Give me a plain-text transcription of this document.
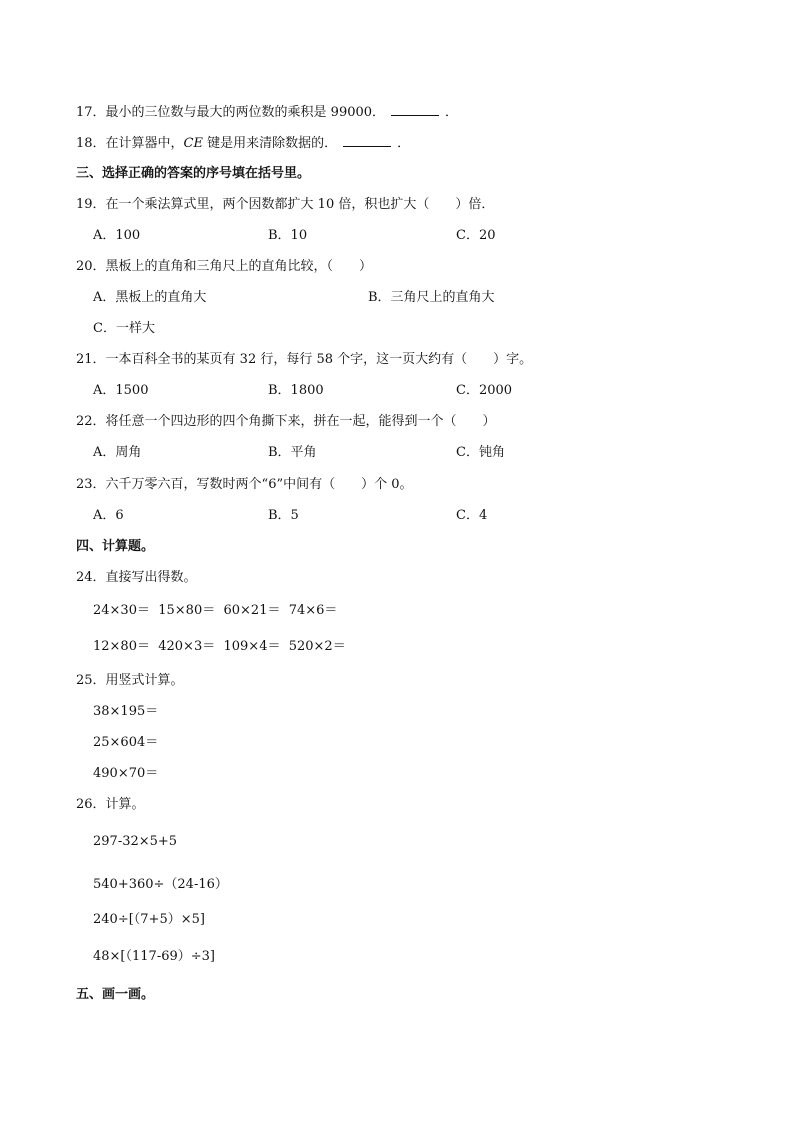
17．最小的三位数与最大的两位数的乘积是 99000．	．
18．在计算器中，CE 键是用来清除数据的．	．
三、选择正确的答案的序号填在括号里。
19．在一个乘法算式里，两个因数都扩大 10 倍，积也扩大（　　）倍．
A．100	B．10	C．20
20．黑板上的直角和三角尺上的直角比较，（　　）
A．黑板上的直角大	B．三角尺上的直角大
C．一样大
21．一本百科全书的某页有 32 行，每行 58 个字，这一页大约有（　　）字。
A．1500	B．1800	C．2000
22．将任意一个四边形的四个角撕下来，拼在一起，能得到一个（　　）
A．周角	B．平角	C．钝角
23．六千万零六百，写数时两个“6”中间有（　　）个 0。
A．6	B．5	C．4
四、计算题。
24．直接写出得数。
24×30＝  15×80＝  60×21＝  74×6＝
12×80＝  420×3＝  109×4＝  520×2＝
25．用竖式计算。
38×195＝
25×604＝
490×70＝
26．计算。
297-32×5+5
540+360÷（24-16）
240÷[（7+5）×5]
48×[（117-69）÷3]
五、画一画。
